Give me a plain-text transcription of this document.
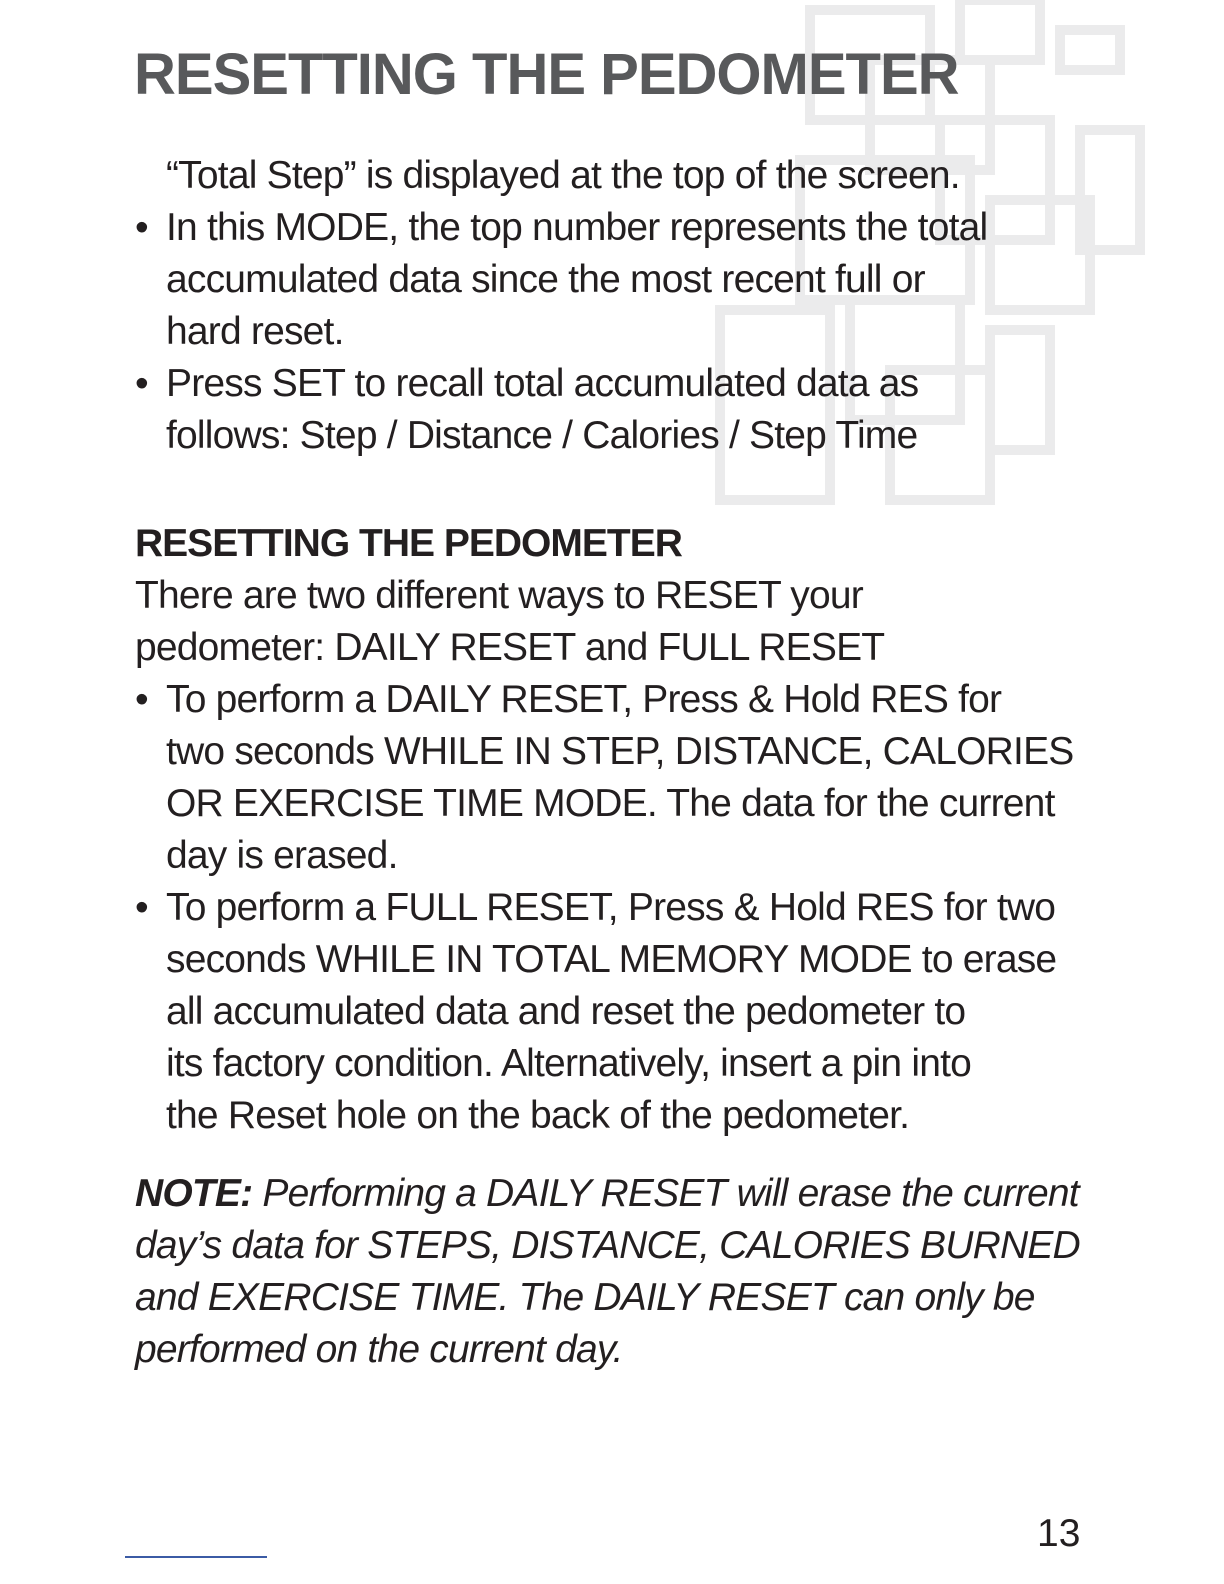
RESETTING THE PEDOMETER

“Total Step” is displayed at the top of the screen.

• In this MODE, the top number represents the total
accumulated data since the most recent full or
hard reset.
• Press SET to recall total accumulated data as
follows: Step / Distance / Calories / Step Time
RESETTING THE PEDOMETER

There are two different ways to RESET your
pedometer: DAILY RESET and FULL RESET

• To perform a DAILY RESET, Press & Hold RES for
two seconds WHILE IN STEP, DISTANCE, CALORIES
OR EXERCISE TIME MODE. The data for the current
day is erased.
• To perform a FULL RESET, Press & Hold RES for two
seconds WHILE IN TOTAL MEMORY MODE to erase
all accumulated data and reset the pedometer to
its factory condition. Alternatively, insert a pin into
the Reset hole on the back of the pedometer.

NOTE: Performing a DAILY RESET will erase the current
day’s data for STEPS, DISTANCE, CALORIES BURNED
and EXERCISE TIME. The DAILY RESET can only be
performed on the current day.

13
